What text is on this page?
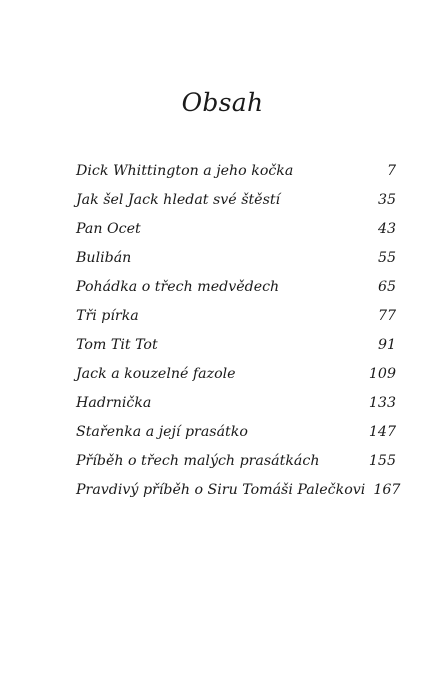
Obsah
Dick Whittington a jeho kočka	7
Jak šel Jack hledat své štěstí	35
Pan Ocet	43
Bulibán	55
Pohádka o třech medvědech	65
Tři pírka	77
Tom Tit Tot	91
Jack a kouzelné fazole	109
Hadrnička	133
Stařenka a její prasátko	147
Příběh o třech malých prasátkách	155
Pravdivý příběh o Siru Tomáši Palečkovi 167
